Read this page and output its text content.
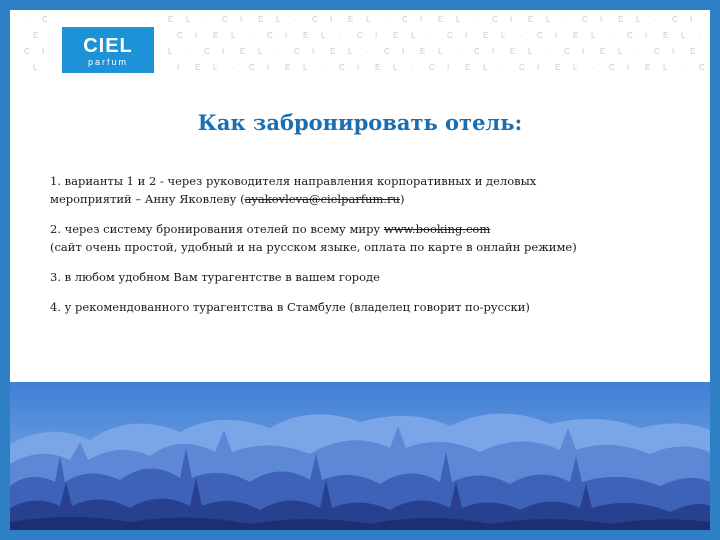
· C	E L · C I E L · C I E L · C I E L · C I E L · C I E L · C I
E	C I E L · C I E L · C I E L · C I E L · C I E L · C I E L ·
C I	L · C I E L · C I E L · C I E L · C I E L · C I E L · C I E
L	I E L · C I E L · C I E L · C I E L · C I E L · C I E L · C
CIEL
parfum
Как забронировать отель:

1. варианты 1 и 2 - через руководителя направления корпоративных и деловых
мероприятий – Анну Яковлеву (ayakovleva@cielparfum.ru)

2. через систему бронирования отелей по всему миру www.booking.com
(сайт очень простой, удобный и на русском языке, оплата по карте в онлайн режиме)

3. в любом удобном Вам турагентстве в вашем городе

4. у рекомендованного турагентства в Стамбуле (владелец говорит по-русски)
